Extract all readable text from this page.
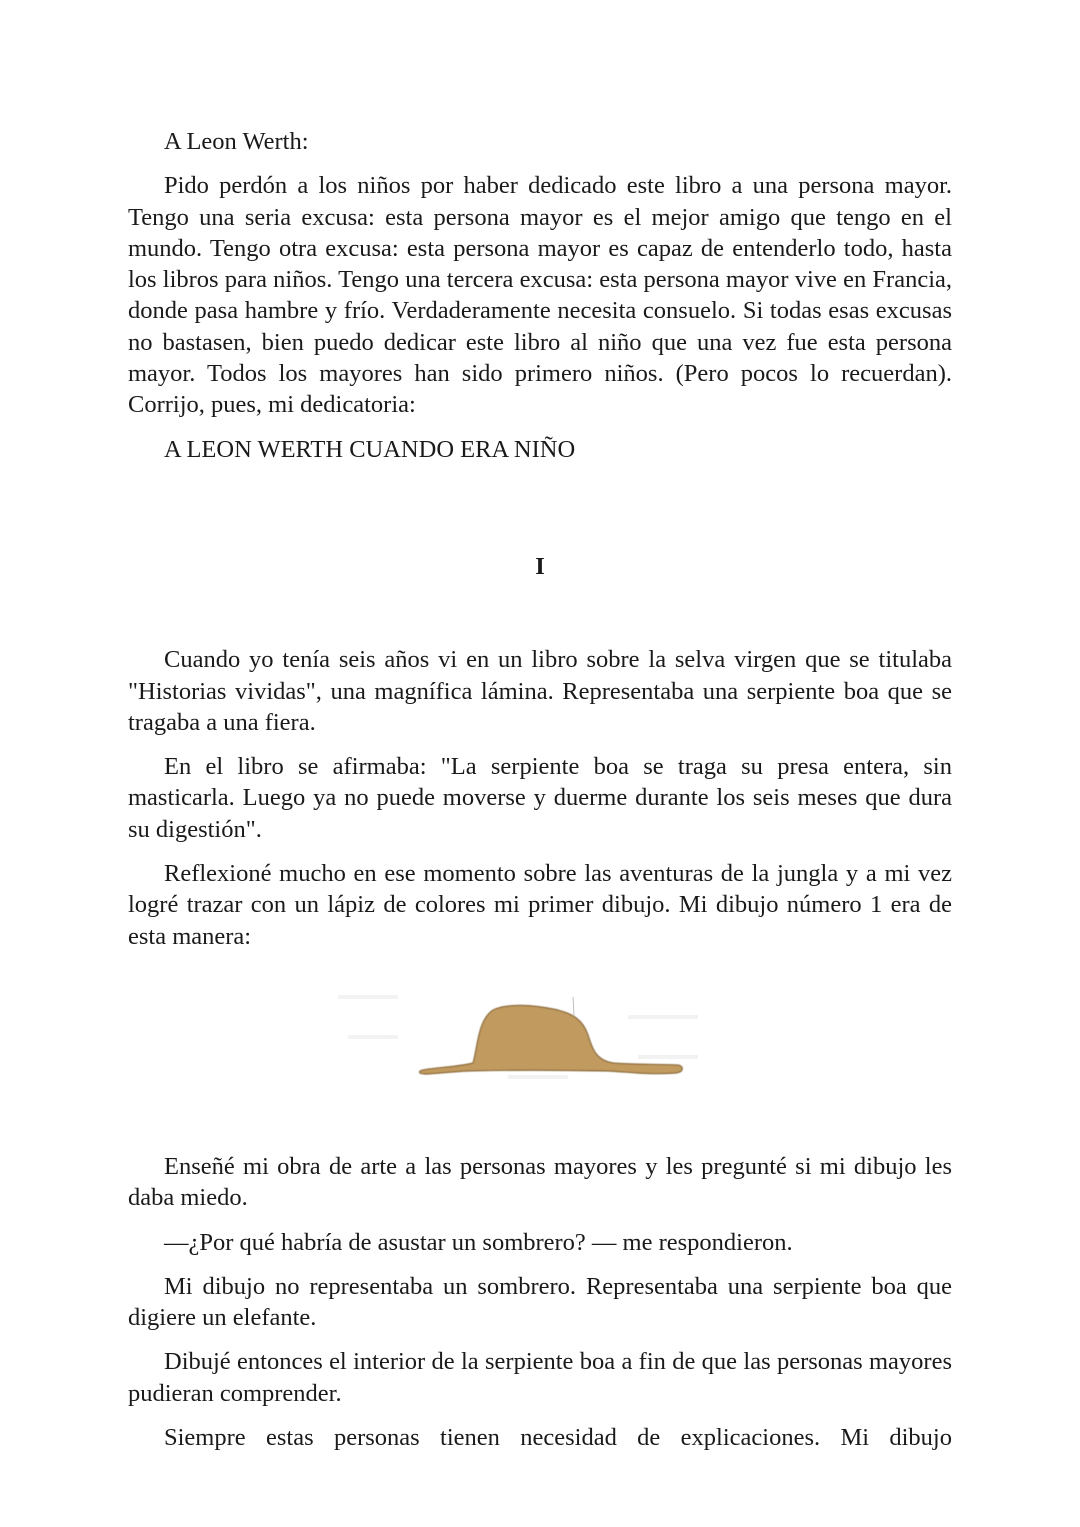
A Leon Werth:

Pido perdón a los niños por haber dedicado este libro a una persona mayor. Tengo una seria excusa: esta persona mayor es el mejor amigo que tengo en el mundo. Tengo otra excusa: esta persona mayor es capaz de entenderlo todo, hasta los libros para niños. Tengo una tercera excusa: esta persona mayor vive en Francia, donde pasa hambre y frío. Verdaderamente necesita consuelo. Si todas esas excusas no bastasen, bien puedo dedicar este libro al niño que una vez fue esta persona mayor. Todos los mayores han sido primero niños. (Pero pocos lo recuerdan). Corrijo, pues, mi dedicatoria:

A LEON WERTH CUANDO ERA NIÑO

I

Cuando yo tenía seis años vi en un libro sobre la selva virgen que se titulaba "Historias vividas", una magnífica lámina. Representaba una serpiente boa que se tragaba a una fiera.

En el libro se afirmaba: "La serpiente boa se traga su presa entera, sin masticarla. Luego ya no puede moverse y duerme durante los seis meses que dura su digestión".

Reflexioné mucho en ese momento sobre las aventuras de la jungla y a mi vez logré trazar con un lápiz de colores mi primer dibujo. Mi dibujo número 1 era de esta manera:

Enseñé mi obra de arte a las personas mayores y les pregunté si mi dibujo les daba miedo.

—¿Por qué habría de asustar un sombrero? — me respondieron.

Mi dibujo no representaba un sombrero. Representaba una serpiente boa que digiere un elefante.

Dibujé entonces el interior de la serpiente boa a fin de que las personas mayores pudieran comprender.

Siempre estas personas tienen necesidad de explicaciones. Mi dibujo
